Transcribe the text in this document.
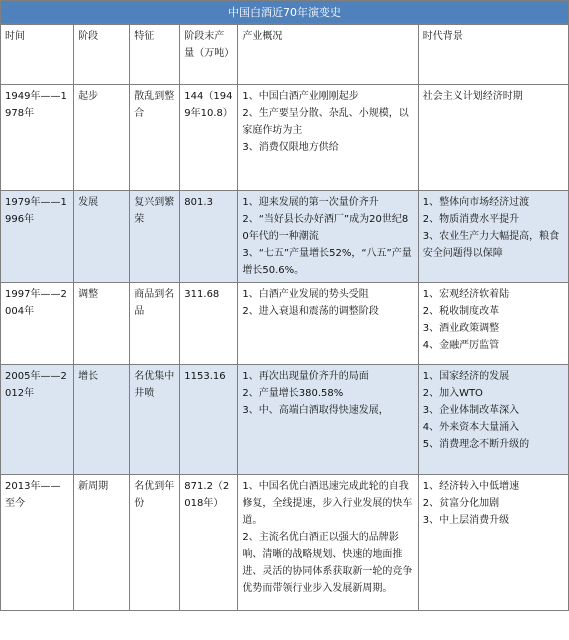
中国白酒近70年演变史
时间	阶段	特征	阶段末产量（万吨）	产业概况	时代背景
1949年——1978年	起步	散乱到整合	144（1949年10.8）	1、中国白酒产业刚刚起步
2、生产要呈分散、杂乱、小规模，以家庭作坊为主
3、消费仅限地方供给	社会主义计划经济时期

1979年——1996年	发展	复兴到繁荣	801.3	1、迎来发展的第一次量价齐升
2、“当好县长办好酒厂”成为20世纪80年代的一种潮流
3、“七五”产量增长52%，“八五”产量增长50.6%。	1、整体向市场经济过渡
2、物质消费水平提升
3、农业生产力大幅提高，粮食安全问题得以保障

1997年——2004年	调整	商品到名品	311.68	1、白酒产业发展的势头受阻
2、进入衰退和震荡的调整阶段	1、宏观经济软着陆
2、税收制度改革
3、酒业政策调整
4、金融严厉监管

2005年——2012年	增长	名优集中井喷	1153.16	1、再次出现量价齐升的局面
2、产量增长380.58%
3、中、高端白酒取得快速发展，	1、国家经济的发展
2、加入WTO
3、企业体制改革深入
4、外来资本大量涌入
5、消费理念不断升级的

2013年——至今	新周期	名优到年份	871.2（2018年）	1、中国名优白酒迅速完成此轮的自我修复，全线提速，步入行业发展的快车道。
2、主流名优白酒正以强大的品牌影响、清晰的战略规划、快速的地面推进、灵活的协同体系获取新一轮的竞争优势而带领行业步入发展新周期。	1、经济转入中低增速
2、贫富分化加剧
3、中上层消费升级
